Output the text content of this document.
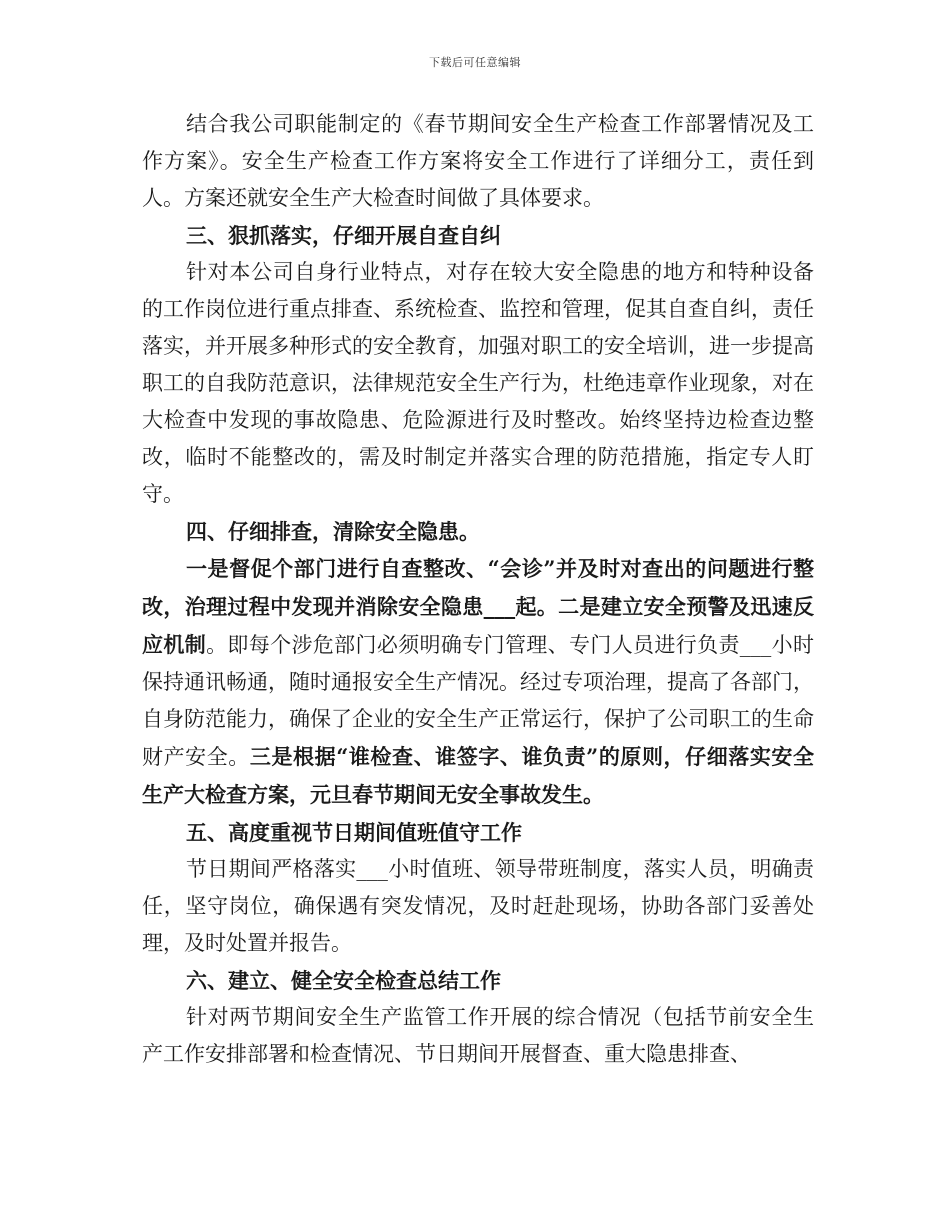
下载后可任意编辑

结合我公司职能制定的《春节期间安全生产检查工作部署情况及工作方案》。安全生产检查工作方案将安全工作进行了详细分工，责任到人。方案还就安全生产大检查时间做了具体要求。

三、狠抓落实，仔细开展自查自纠

针对本公司自身行业特点，对存在较大安全隐患的地方和特种设备的工作岗位进行重点排查、系统检查、监控和管理，促其自查自纠，责任落实，并开展多种形式的安全教育，加强对职工的安全培训，进一步提高职工的自我防范意识，法律规范安全生产行为，杜绝违章作业现象，对在大检查中发现的事故隐患、危险源进行及时整改。始终坚持边检查边整改，临时不能整改的，需及时制定并落实合理的防范措施，指定专人盯守。

四、仔细排查，清除安全隐患。

一是督促个部门进行自查整改、“会诊”并及时对查出的问题进行整改，治理过程中发现并消除安全隐患___起。二是建立安全预警及迅速反应机制。即每个涉危部门必须明确专门管理、专门人员进行负责___小时保持通讯畅通，随时通报安全生产情况。经过专项治理，提高了各部门，自身防范能力，确保了企业的安全生产正常运行，保护了公司职工的生命财产安全。三是根据“谁检查、谁签字、谁负责”的原则，仔细落实安全生产大检查方案，元旦春节期间无安全事故发生。

五、高度重视节日期间值班值守工作

节日期间严格落实___小时值班、领导带班制度，落实人员，明确责任，坚守岗位，确保遇有突发情况，及时赶赴现场，协助各部门妥善处理，及时处置并报告。

六、建立、健全安全检查总结工作

针对两节期间安全生产监管工作开展的综合情况（包括节前安全生产工作安排部署和检查情况、节日期间开展督查、重大隐患排查、
